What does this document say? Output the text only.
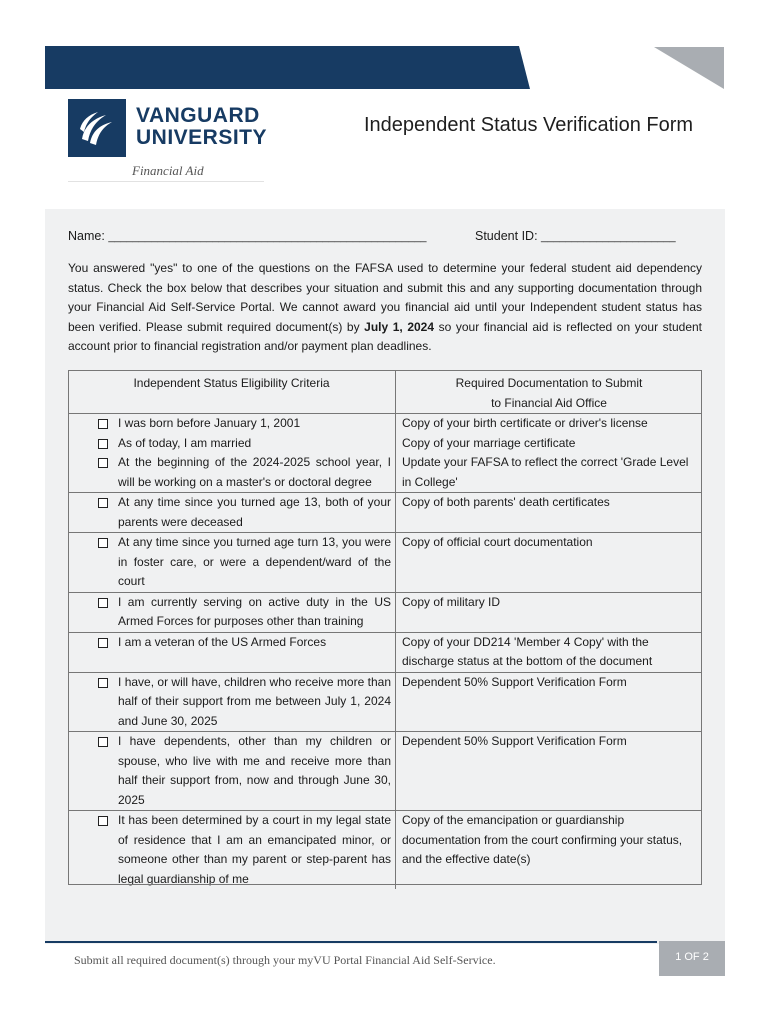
VANGUARD
UNIVERSITY
Financial Aid
Independent Status Verification Form
Name: ____________________________________________________	Student ID: ______________________
You answered "yes" to one of the questions on the FAFSA used to determine your federal student aid dependency status. Check the box below that describes your situation and submit this and any supporting documentation through your Financial Aid Self-Service Portal. We cannot award you financial aid until your Independent student status has been verified. Please submit required document(s) by July 1, 2024 so your financial aid is reflected on your student account prior to financial registration and/or payment plan deadlines.
Independent Status Eligibility Criteria	Required Documentation to Submit
to Financial Aid Office

I was born before January 1, 2001	Copy of your birth certificate or driver's license

As of today, I am married	Copy of your marriage certificate

At the beginning of the 2024-2025 school year, I will be working on a master's or doctoral degree	Update your FAFSA to reflect the correct 'Grade Level in College'

At any time since you turned age 13, both of your parents were deceased	Copy of both parents' death certificates

At any time since you turned age turn 13, you were in foster care, or were a dependent/ward of the court	Copy of official court documentation

I am currently serving on active duty in the US Armed Forces for purposes other than training	Copy of military ID

I am a veteran of the US Armed Forces	Copy of your DD214 'Member 4 Copy' with the discharge status at the bottom of the document

I have, or will have, children who receive more than half of their support from me between July 1, 2024 and June 30, 2025	Dependent 50% Support Verification Form

I have dependents, other than my children or spouse, who live with me and receive more than half their support from, now and through June 30, 2025	Dependent 50% Support Verification Form

It has been determined by a court in my legal state of residence that I am an emancipated minor, or someone other than my parent or step-parent has legal guardianship of me	Copy of the emancipation or guardianship documentation from the court confirming your status, and the effective date(s)
Submit all required document(s) through your myVU Portal Financial Aid Self-Service.	1 OF 2
